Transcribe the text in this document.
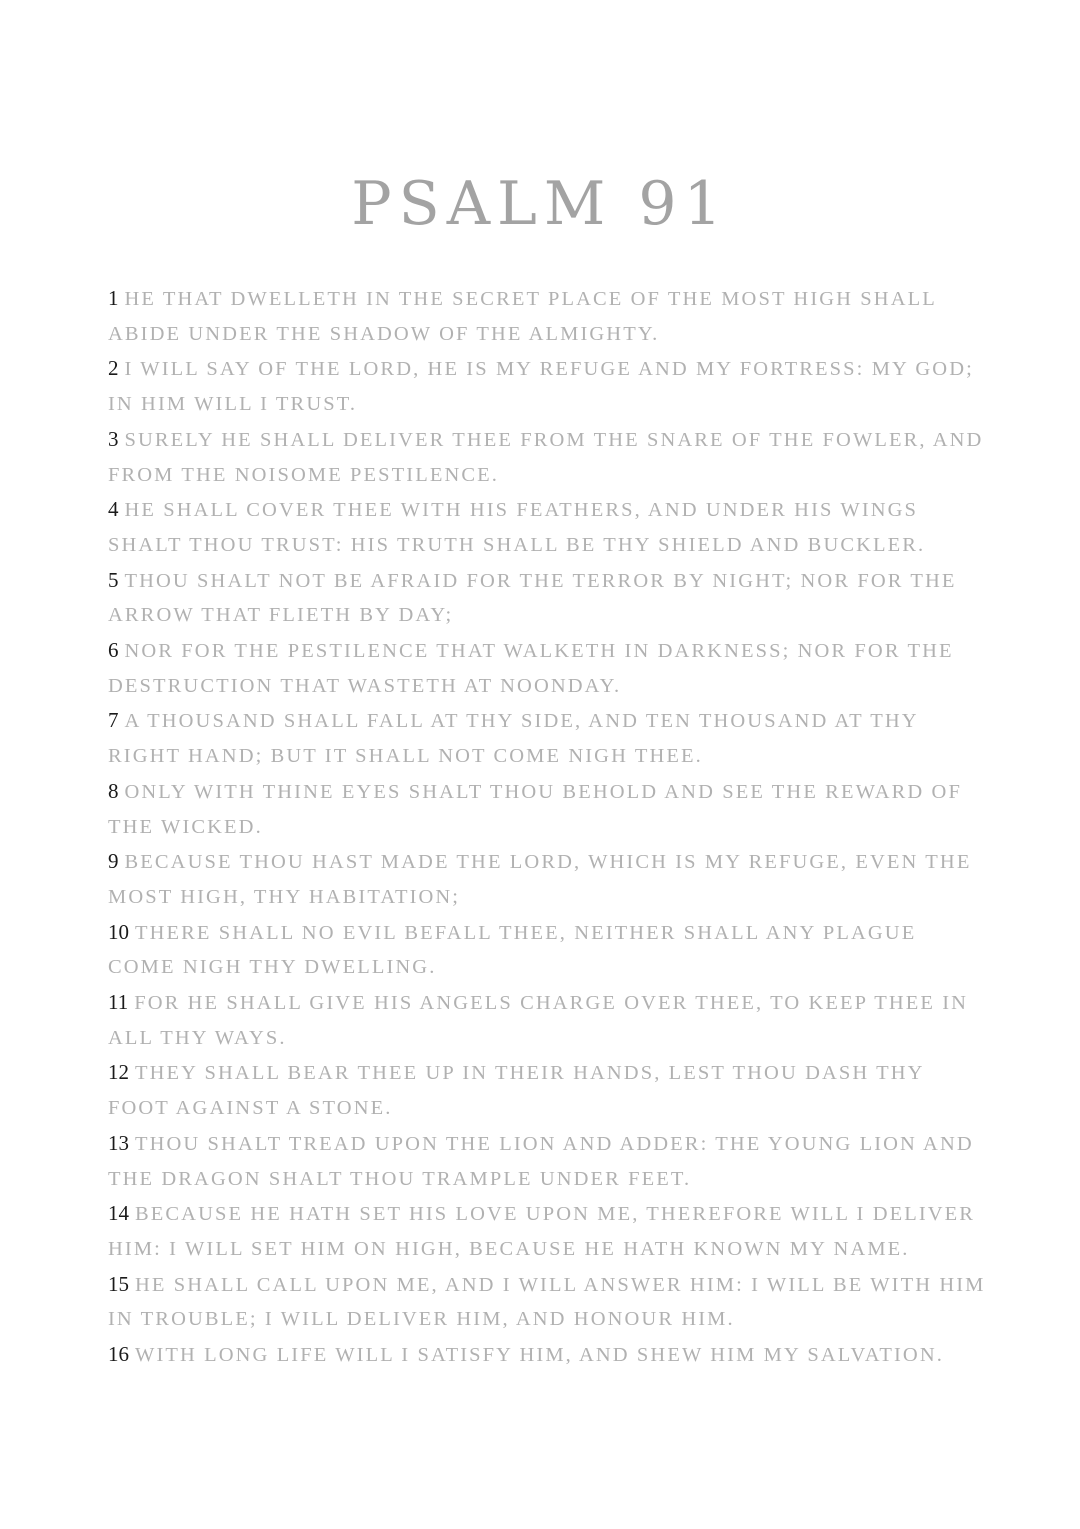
PSALM 91

1 HE THAT DWELLETH IN THE SECRET PLACE OF THE MOST HIGH SHALL ABIDE UNDER THE SHADOW OF THE ALMIGHTY.

2 I WILL SAY OF THE LORD, HE IS MY REFUGE AND MY FORTRESS: MY GOD; IN HIM WILL I TRUST.

3 SURELY HE SHALL DELIVER THEE FROM THE SNARE OF THE FOWLER, AND FROM THE NOISOME PESTILENCE.

4 HE SHALL COVER THEE WITH HIS FEATHERS, AND UNDER HIS WINGS SHALT THOU TRUST: HIS TRUTH SHALL BE THY SHIELD AND BUCKLER.

5 THOU SHALT NOT BE AFRAID FOR THE TERROR BY NIGHT; NOR FOR THE ARROW THAT FLIETH BY DAY;

6 NOR FOR THE PESTILENCE THAT WALKETH IN DARKNESS; NOR FOR THE DESTRUCTION THAT WASTETH AT NOONDAY.

7 A THOUSAND SHALL FALL AT THY SIDE, AND TEN THOUSAND AT THY RIGHT HAND; BUT IT SHALL NOT COME NIGH THEE.

8 ONLY WITH THINE EYES SHALT THOU BEHOLD AND SEE THE REWARD OF THE WICKED.

9 BECAUSE THOU HAST MADE THE LORD, WHICH IS MY REFUGE, EVEN THE MOST HIGH, THY HABITATION;

10 THERE SHALL NO EVIL BEFALL THEE, NEITHER SHALL ANY PLAGUE COME NIGH THY DWELLING.

11 FOR HE SHALL GIVE HIS ANGELS CHARGE OVER THEE, TO KEEP THEE IN ALL THY WAYS.

12 THEY SHALL BEAR THEE UP IN THEIR HANDS, LEST THOU DASH THY FOOT AGAINST A STONE.

13 THOU SHALT TREAD UPON THE LION AND ADDER: THE YOUNG LION AND THE DRAGON SHALT THOU TRAMPLE UNDER FEET.

14 BECAUSE HE HATH SET HIS LOVE UPON ME, THEREFORE WILL I DELIVER HIM: I WILL SET HIM ON HIGH, BECAUSE HE HATH KNOWN MY NAME.

15 HE SHALL CALL UPON ME, AND I WILL ANSWER HIM: I WILL BE WITH HIM IN TROUBLE; I WILL DELIVER HIM, AND HONOUR HIM.

16 WITH LONG LIFE WILL I SATISFY HIM, AND SHEW HIM MY SALVATION.
